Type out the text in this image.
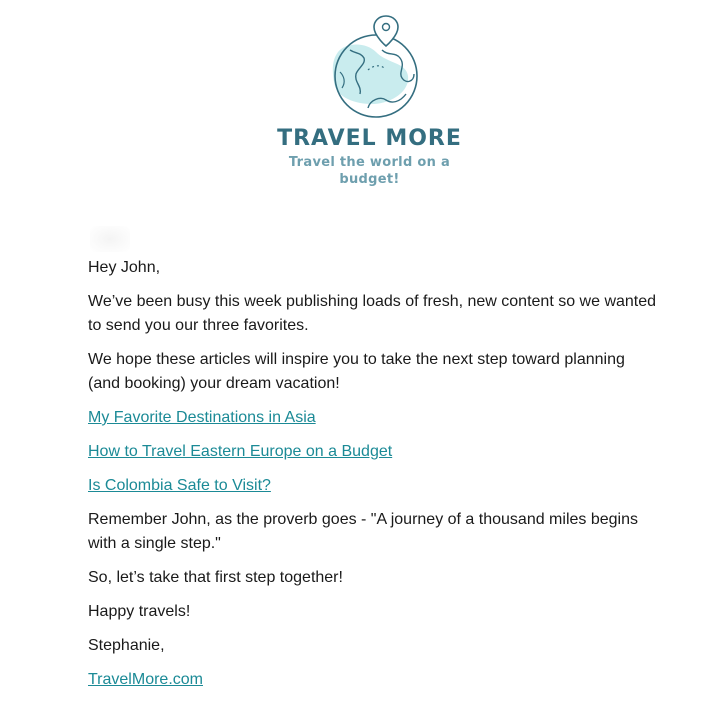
TRAVEL MORE
Travel the world on a budget!

Hey John,

We’ve been busy this week publishing loads of fresh, new content so we wanted to send you our three favorites.

We hope these articles will inspire you to take the next step toward planning (and booking) your dream vacation!

My Favorite Destinations in Asia

How to Travel Eastern Europe on a Budget

Is Colombia Safe to Visit?

Remember John, as the proverb goes - "A journey of a thousand miles begins with a single step."

So, let’s take that first step together!

Happy travels!

Stephanie,

TravelMore.com
